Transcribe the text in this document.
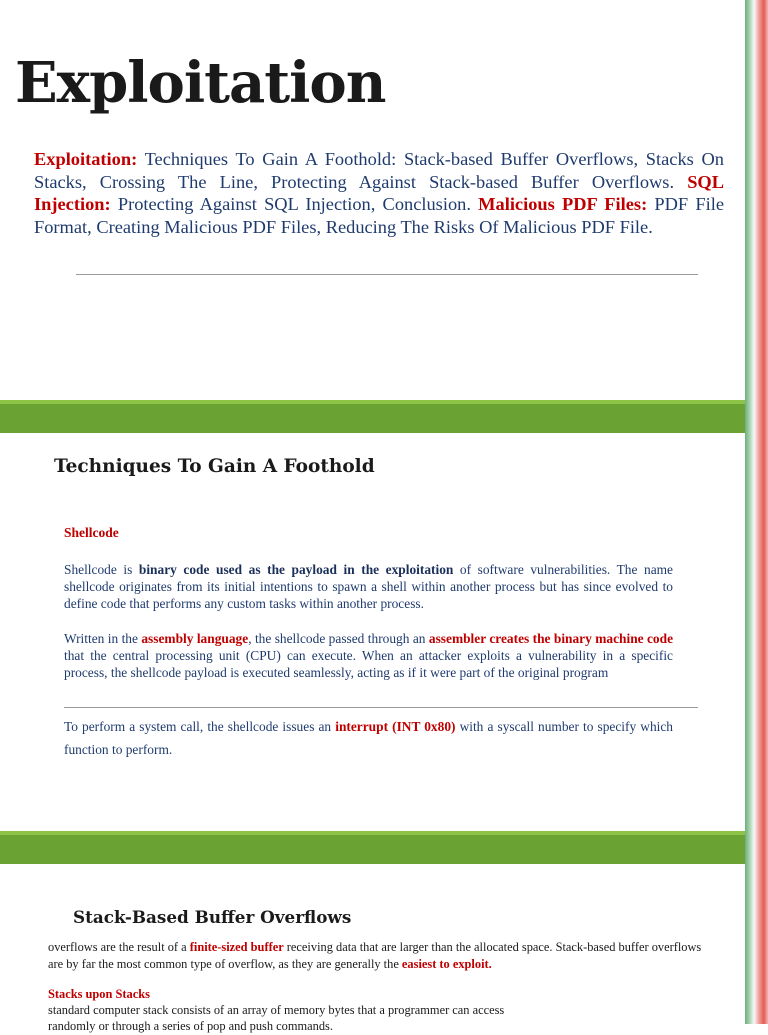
Exploitation
Exploitation: Techniques To Gain A Foothold: Stack-based Buffer Overflows, Stacks On Stacks, Crossing The Line, Protecting Against Stack-based Buffer Overflows. SQL Injection: Protecting Against SQL Injection, Conclusion. Malicious PDF Files: PDF File Format, Creating Malicious PDF Files, Reducing The Risks Of Malicious PDF File.
Techniques To Gain A Foothold
Shellcode
Shellcode is binary code used as the payload in the exploitation of software vulnerabilities. The name shellcode originates from its initial intentions to spawn a shell within another process but has since evolved to define code that performs any custom tasks within another process.
Written in the assembly language, the shellcode passed through an assembler creates the binary machine code that the central processing unit (CPU) can execute. When an attacker exploits a vulnerability in a specific process, the shellcode payload is executed seamlessly, acting as if it were part of the original program
To perform a system call, the shellcode issues an interrupt (INT 0x80) with a syscall number to specify which function to perform.
Stack-Based Buffer Overflows
overflows are the result of a finite-sized buffer receiving data that are larger than the allocated space. Stack-based buffer overflows are by far the most common type of overflow, as they are generally the easiest to exploit.
Stacks upon Stacks
standard computer stack consists of an array of memory bytes that a programmer can access
randomly or through a series of pop and push commands.
